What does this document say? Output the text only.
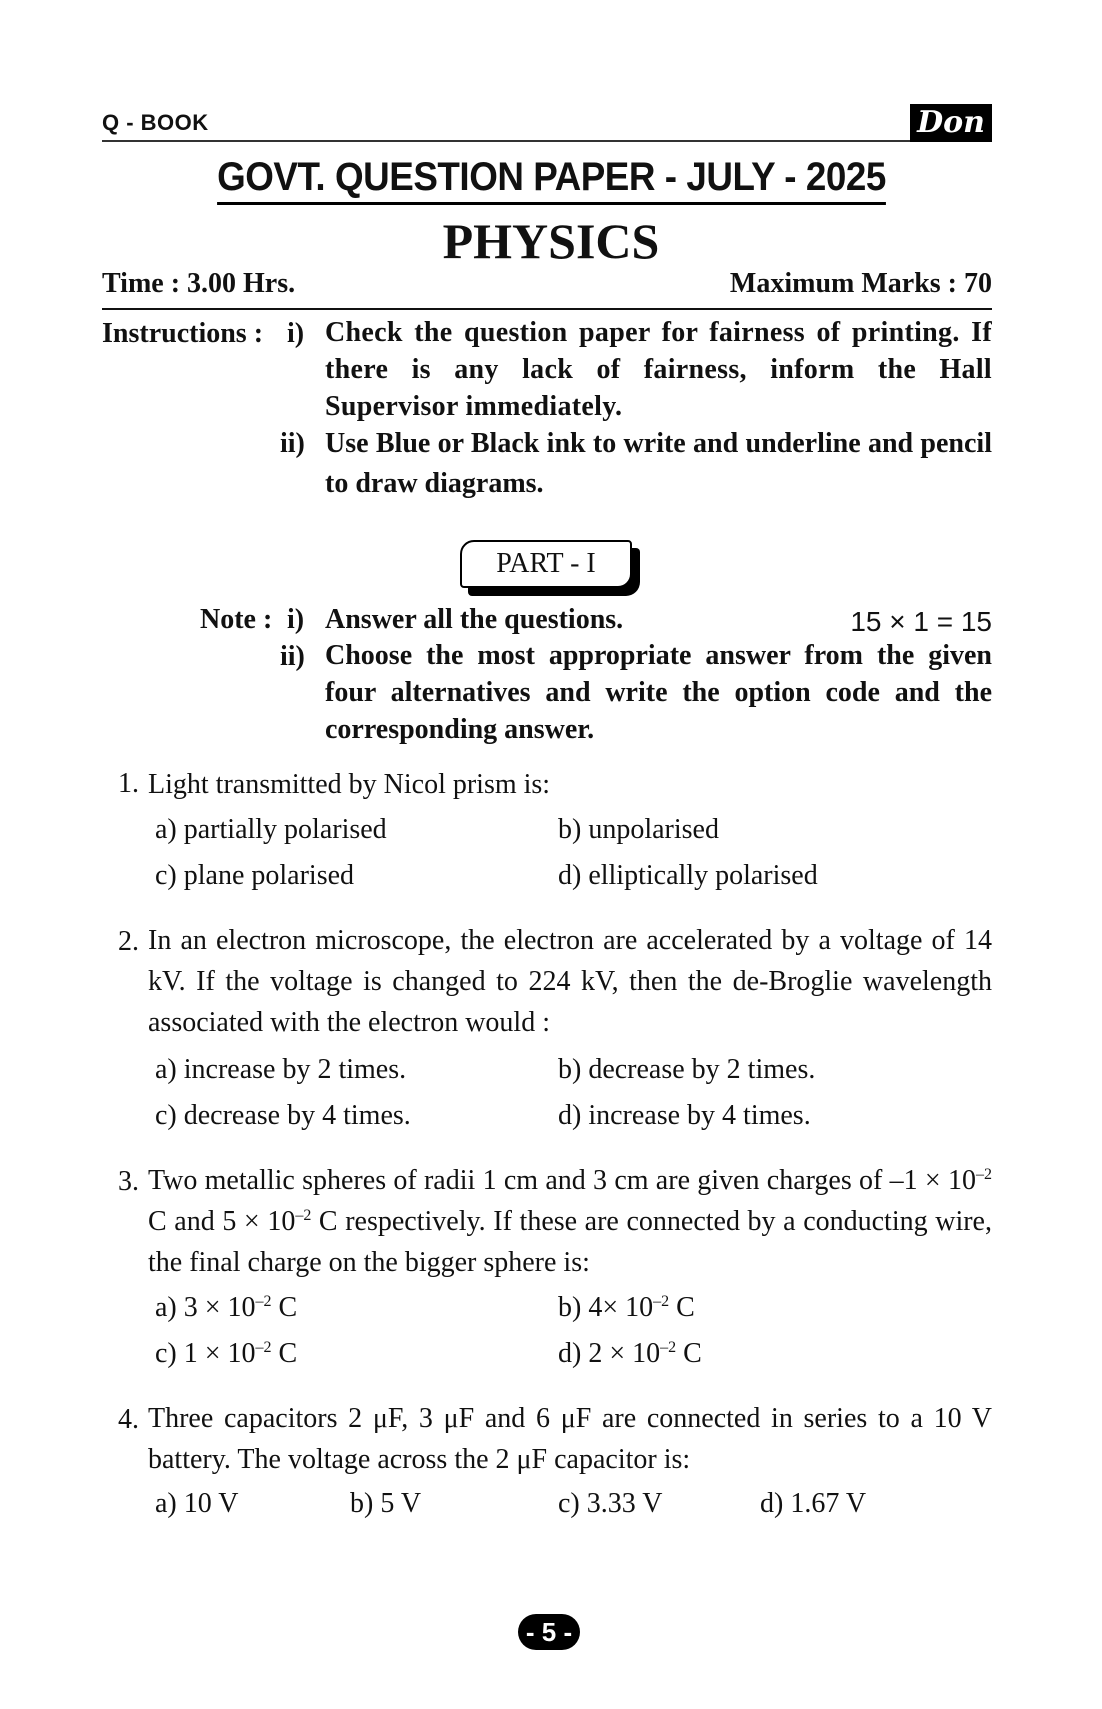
Q - BOOK	Don
GOVT. QUESTION PAPER - JULY - 2025
PHYSICS
Time : 3.00 Hrs.	Maximum Marks : 70
Instructions : i) Check the question paper for fairness of printing. If there is any lack of fairness, inform the Hall Supervisor immediately.
ii) Use Blue or Black ink to write and underline and pencil to draw diagrams.
PART - I
Note : i) Answer all the questions.	15 × 1 = 15
ii) Choose the most appropriate answer from the given four alternatives and write the option code and the corresponding answer.
1. Light transmitted by Nicol prism is:
a) partially polarised	b) unpolarised
c) plane polarised	d) elliptically polarised
2. In an electron microscope, the electron are accelerated by a voltage of 14 kV. If the voltage is changed to 224 kV, then the de-Broglie wavelength associated with the electron would :
a) increase by 2 times.	b) decrease by 2 times.
c) decrease by 4 times.	d) increase by 4 times.
3. Two metallic spheres of radii 1 cm and 3 cm are given charges of $-1 \times 10^{-2}$ C and $5 \times 10^{-2}$ C respectively. If these are connected by a conducting wire, the final charge on the bigger sphere is:
a) $3 \times 10^{-2}$ C	b) $4\times 10^{-2}$ C
c) $1 \times 10^{-2}$ C	d) $2 \times 10^{-2}$ C
4. Three capacitors 2 μF, 3 μF and 6 μF are connected in series to a 10 V battery. The voltage across the 2 μF capacitor is:
a) 10 V	b) 5 V	c) 3.33 V	d) 1.67 V
- 5 -
